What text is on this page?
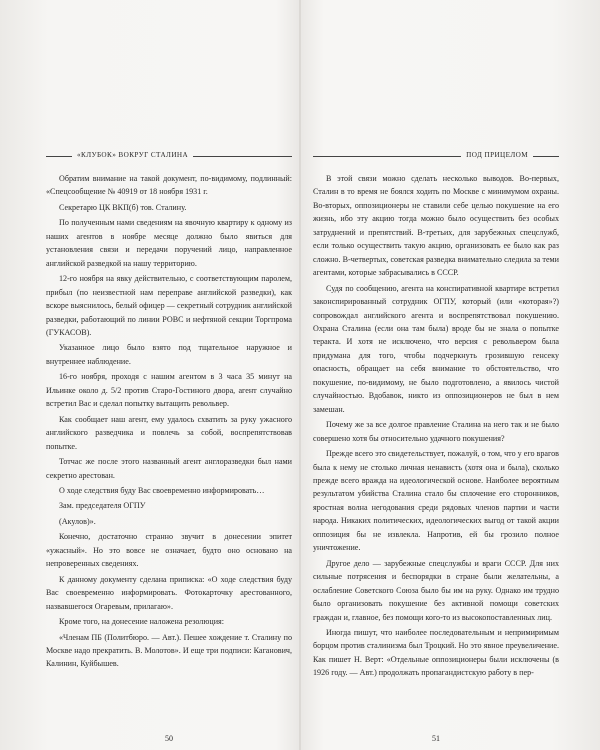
«КЛУБОК» ВОКРУГ СТАЛИНА

Обратим внимание на такой документ, по-видимому, подлинный: «Спецсообщение № 40919 от 18 ноября 1931 г.

Секретарю ЦК ВКП(б) тов. Сталину.

По полученным нами сведениям на явочную квартиру к одному из наших агентов в ноябре месяце должно было явиться для установления связи и передачи поручений лицо, направленное английской разведкой на нашу территорию.

12-го ноября на явку действительно, с соответствующим паролем, прибыл (по неизвестной нам переправе английской разведки), как вскоре выяснилось, белый офицер — секретный сотрудник английской разведки, работающий по линии РОВС и нефтяной секции Торгпрома (ГУКАСОВ).

Указанное лицо было взято под тщательное наружное и внутреннее наблюдение.

16-го ноября, проходя с нашим агентом в 3 часа 35 минут на Ильинке около д. 5/2 против Старо-Гостиного двора, агент случайно встретил Вас и сделал попытку вытащить револьвер.

Как сообщает наш агент, ему удалось схватить за руку ужасного английского разведчика и повлечь за собой, воспрепятствовав попытке.

Тотчас же после этого названный агент англоразведки был нами секретно арестован.

О ходе следствия буду Вас своевременно информировать…

Зам. председателя ОГПУ

(Акулов)».

Конечно, достаточно странно звучит в донесении эпитет «ужасный». Но это вовсе не означает, будто оно основано на непроверенных сведениях.

К данному документу сделана приписка: «О ходе следствия буду Вас своевременно информировать. Фотокарточку арестованного, назвавшегося Огаревым, прилагаю».

Кроме того, на донесение наложена резолюция:

«Членам ПБ (Политбюро. — Авт.). Пешее хождение т. Сталину по Москве надо прекратить. В. Молотов». И еще три подписи: Каганович, Калинин, Куйбышев.

50
ПОД ПРИЦЕЛОМ

В этой связи можно сделать несколько выводов. Во-первых, Сталин в то время не боялся ходить по Москве с минимумом охраны. Во-вторых, оппозиционеры не ставили себе целью покушение на его жизнь, ибо эту акцию тогда можно было осуществить без особых затруднений и препятствий. В-третьих, для зарубежных спецслужб, если только осуществить такую акцию, организовать ее было как раз сложно. В-четвертых, советская разведка внимательно следила за теми агентами, которые забрасывались в СССР.

Судя по сообщению, агента на конспиративной квартире встретил законспирированный сотрудник ОГПУ, который (или «которая»?) сопровождал английского агента и воспрепятствовал покушению. Охрана Сталина (если она там была) вроде бы не знала о попытке теракта. И хотя не исключено, что версия с револьвером была придумана для того, чтобы подчеркнуть грозившую генсеку опасность, обращает на себя внимание то обстоятельство, что покушение, по-видимому, не было подготовлено, а явилось чистой случайностью. Вдобавок, никто из оппозиционеров не был в нем замешан.

Почему же за все долгое правление Сталина на него так и не было совершено хотя бы относительно удачного покушения?

Прежде всего это свидетельствует, пожалуй, о том, что у его врагов была к нему не столько личная ненависть (хотя она и была), сколько прежде всего вражда на идеологической основе. Наиболее вероятным результатом убийства Сталина стало бы сплочение его сторонников, яростная волна негодования среди рядовых членов партии и части народа. Никаких политических, идеологических выгод от такой акции оппозиция бы не извлекла. Напротив, ей бы грозило полное уничтожение.

Другое дело — зарубежные спецслужбы и враги СССР. Для них сильные потрясения и беспорядки в стране были желательны, а ослабление Советского Союза было бы им на руку. Однако им трудно было организовать покушение без активной помощи советских граждан и, главное, без помощи кого-то из высокопоставленных лиц.

Иногда пишут, что наиболее последовательным и непримиримым борцом против сталинизма был Троцкий. Но это явное преувеличение. Как пишет Н. Верт: «Отдельные оппозиционеры были исключены (в 1926 году. — Авт.) продолжать пропагандистскую работу в пер-

51
